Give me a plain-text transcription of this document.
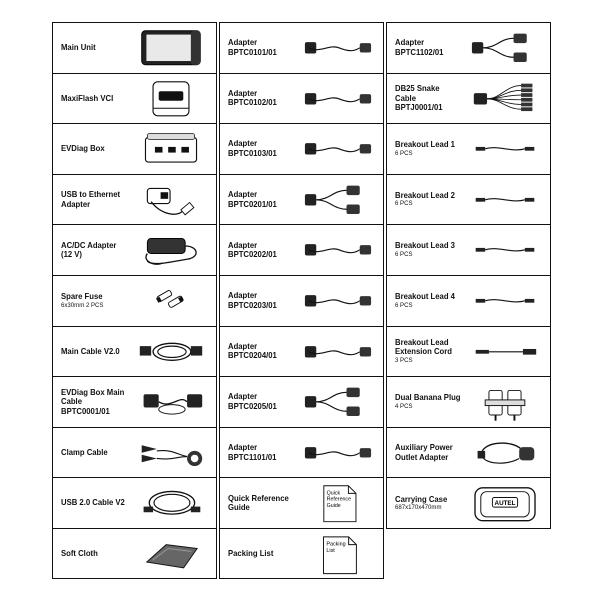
Main Unit
MaxiFlash VCI
EVDiag Box
USB to Ethernet
Adapter
AC/DC Adapter
(12 V)
Spare Fuse
6x30mm 2 PCS
Main Cable V2.0
EVDiag Box Main
Cable
BPTC0001/01
Clamp Cable
USB 2.0 Cable V2
Soft Cloth
Adapter
BPTC0101/01
Adapter
BPTC0102/01
Adapter
BPTC0103/01
Adapter
BPTC0201/01
Adapter
BPTC0202/01
Adapter
BPTC0203/01
Adapter
BPTC0204/01
Adapter
BPTC0205/01
Adapter
BPTC1101/01
Quick Reference
Guide
Quick
Reference
Guide
Packing List
Packing
List
Adapter
BPTC1102/01
DB25 Snake
Cable
BPTJ0001/01
Breakout Lead 1
6 PCS
Breakout Lead 2
6 PCS
Breakout Lead 3
6 PCS
Breakout Lead 4
6 PCS
Breakout Lead
Extension Cord
3 PCS
Dual Banana Plug
4 PCS
Auxiliary Power
Outlet Adapter
Carrying Case
687x170x470mm
AUTEL
